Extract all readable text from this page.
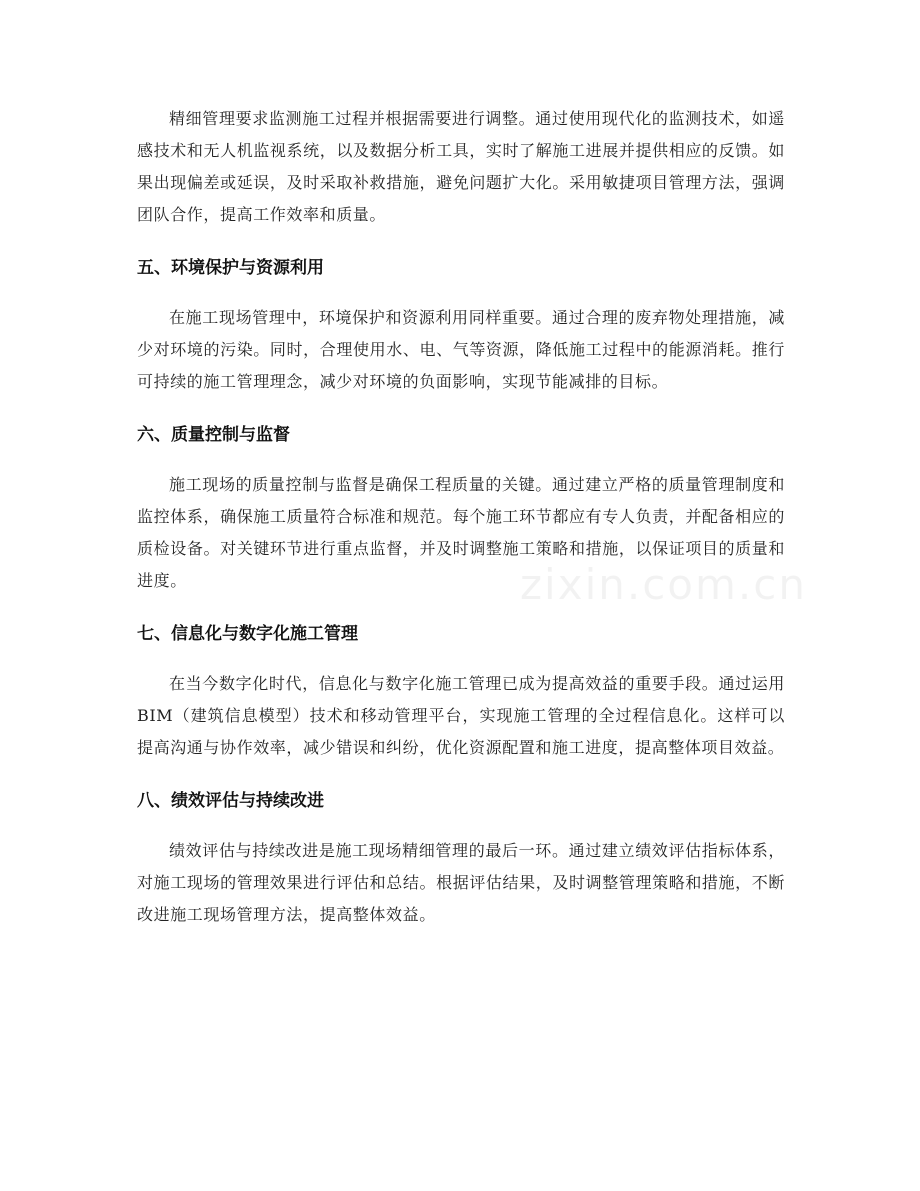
精细管理要求监测施工过程并根据需要进行调整。通过使用现代化的监测技术，如遥感技术和无人机监视系统，以及数据分析工具，实时了解施工进展并提供相应的反馈。如果出现偏差或延误，及时采取补救措施，避免问题扩大化。采用敏捷项目管理方法，强调团队合作，提高工作效率和质量。

五、环境保护与资源利用

在施工现场管理中，环境保护和资源利用同样重要。通过合理的废弃物处理措施，减少对环境的污染。同时，合理使用水、电、气等资源，降低施工过程中的能源消耗。推行可持续的施工管理理念，减少对环境的负面影响，实现节能减排的目标。

六、质量控制与监督

施工现场的质量控制与监督是确保工程质量的关键。通过建立严格的质量管理制度和监控体系，确保施工质量符合标准和规范。每个施工环节都应有专人负责，并配备相应的质检设备。对关键环节进行重点监督，并及时调整施工策略和措施，以保证项目的质量和进度。

七、信息化与数字化施工管理

在当今数字化时代，信息化与数字化施工管理已成为提高效益的重要手段。通过运用 BIM（建筑信息模型）技术和移动管理平台，实现施工管理的全过程信息化。这样可以提高沟通与协作效率，减少错误和纠纷，优化资源配置和施工进度，提高整体项目效益。

八、绩效评估与持续改进

绩效评估与持续改进是施工现场精细管理的最后一环。通过建立绩效评估指标体系，对施工现场的管理效果进行评估和总结。根据评估结果，及时调整管理策略和措施，不断改进施工现场管理方法，提高整体效益。

zixin.com.cn
